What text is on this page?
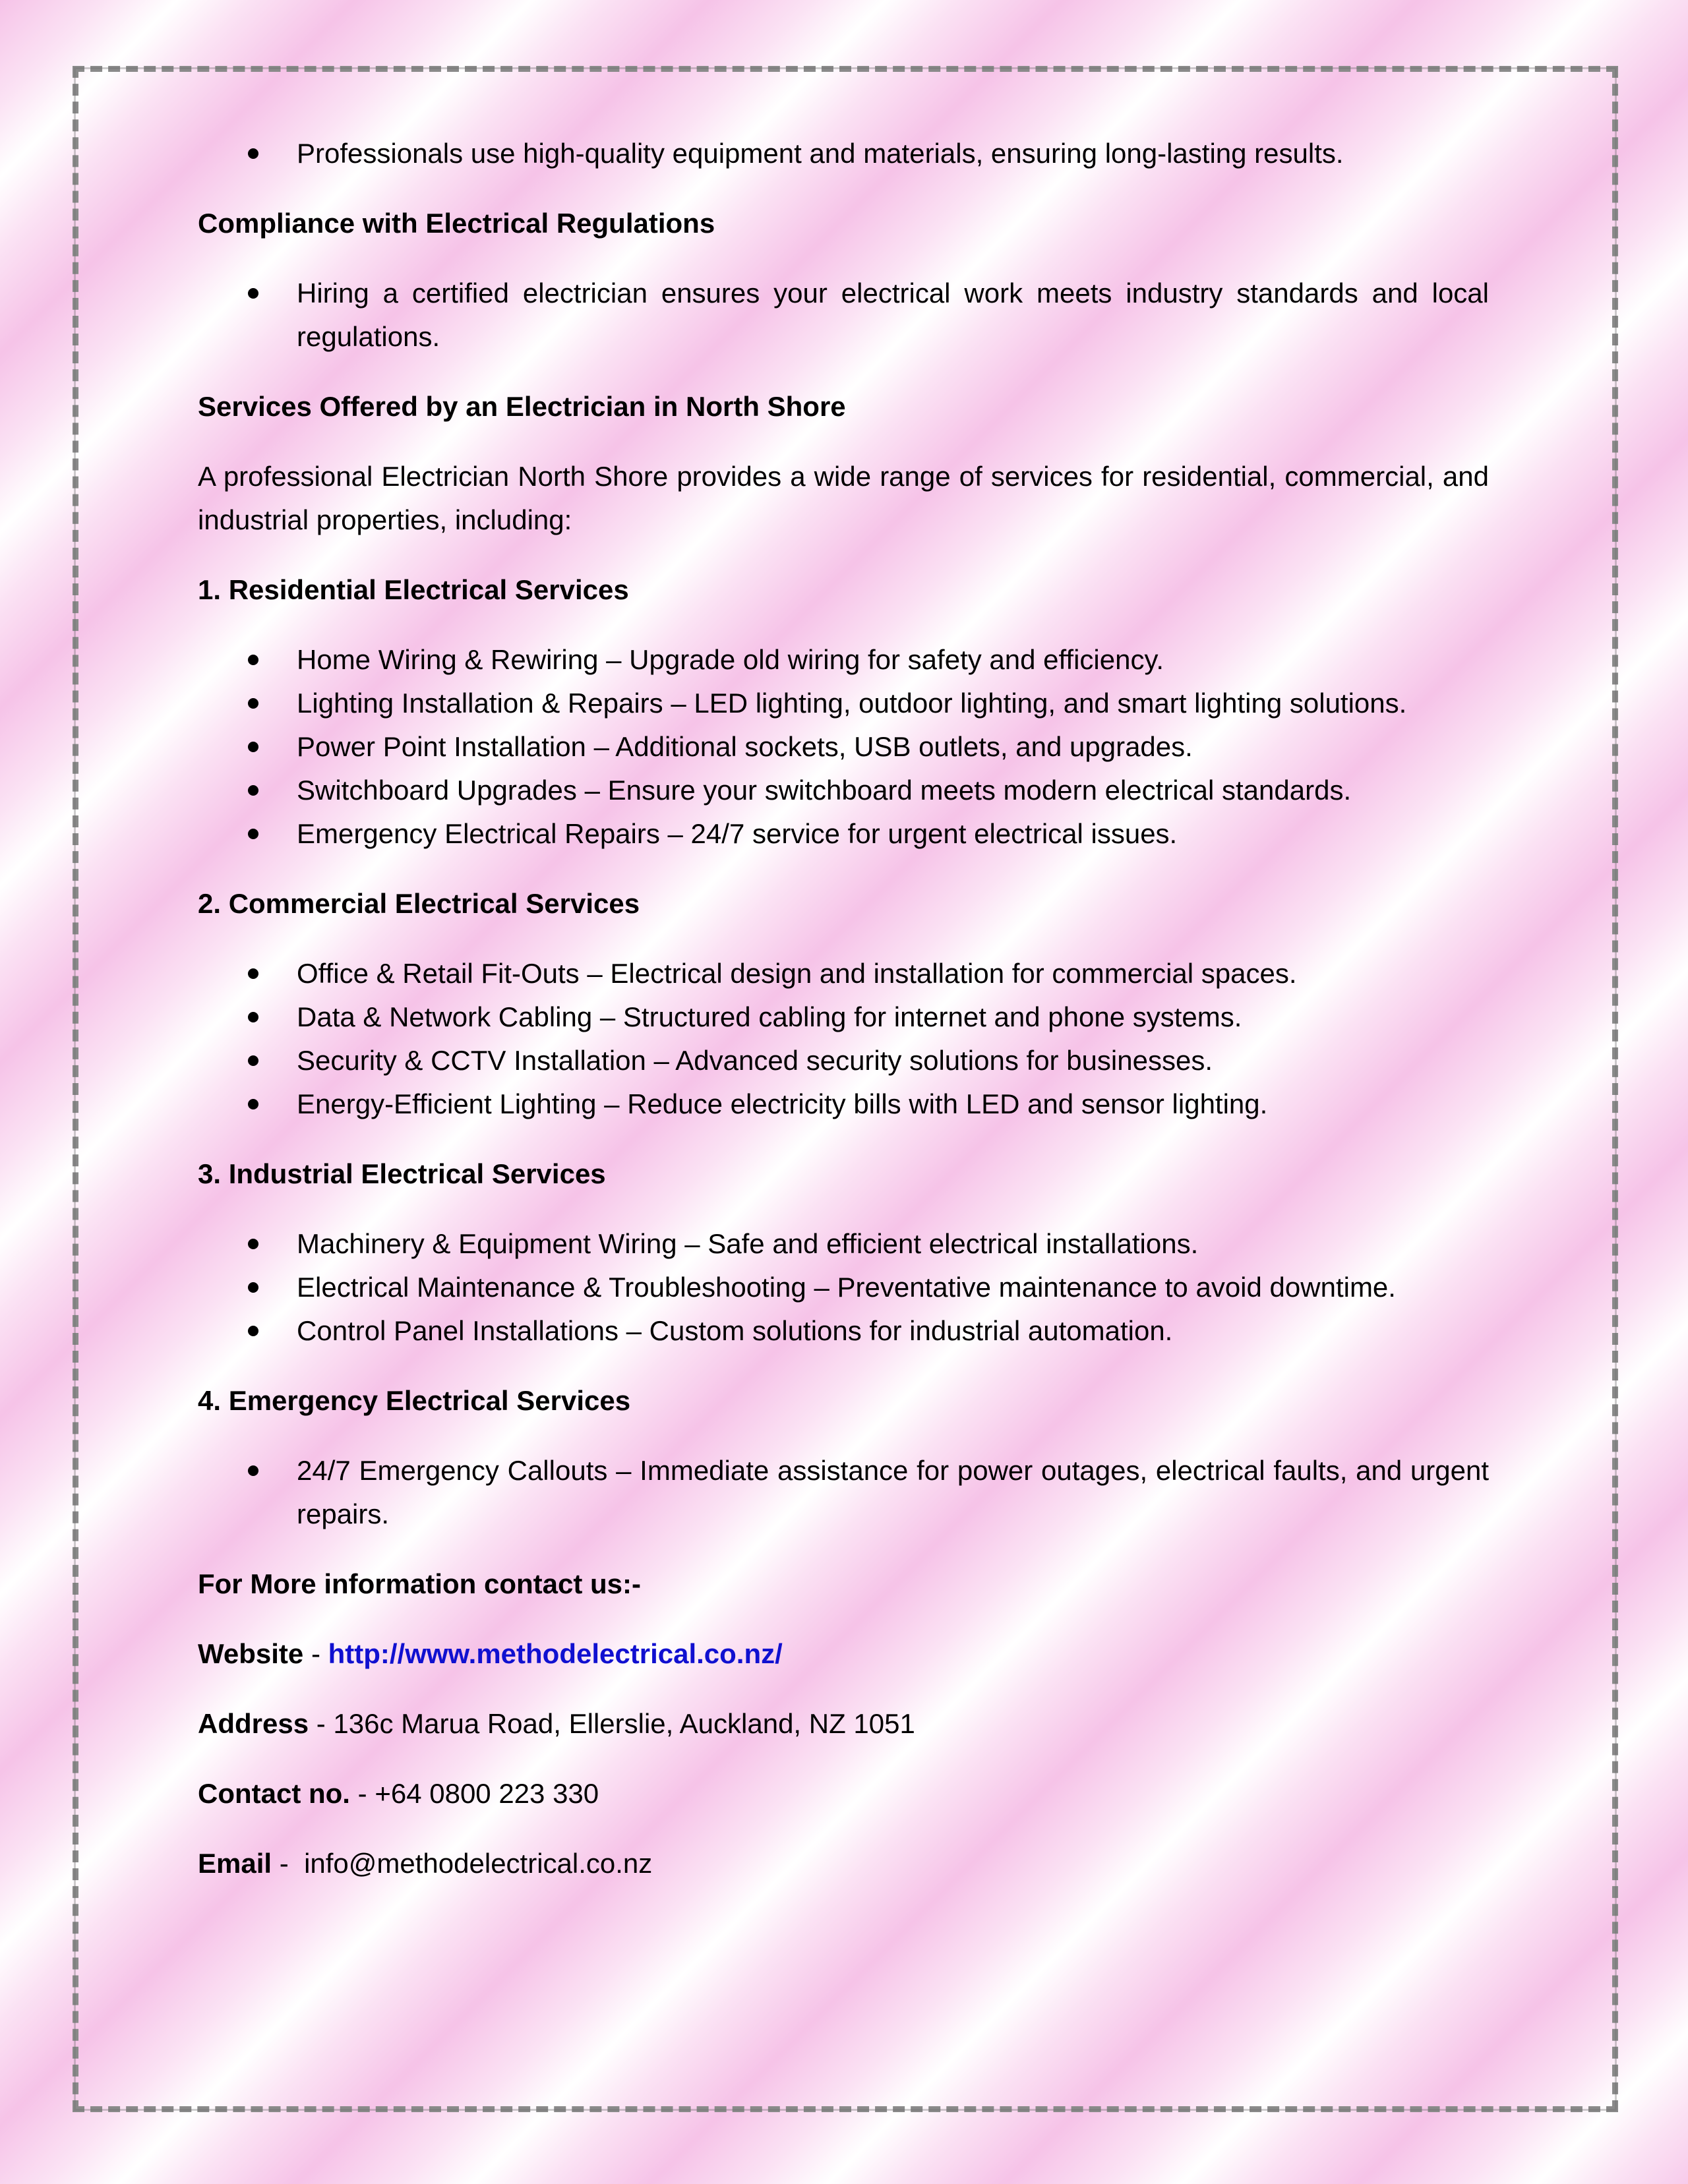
Professionals use high-quality equipment and materials, ensuring long-lasting results.
Compliance with Electrical Regulations
Hiring a certified electrician ensures your electrical work meets industry standards and local regulations.
Services Offered by an Electrician in North Shore

A professional Electrician North Shore provides a wide range of services for residential, commercial, and industrial properties, including:

1. Residential Electrical Services
Home Wiring & Rewiring – Upgrade old wiring for safety and efficiency.
Lighting Installation & Repairs – LED lighting, outdoor lighting, and smart lighting solutions.
Power Point Installation – Additional sockets, USB outlets, and upgrades.
Switchboard Upgrades – Ensure your switchboard meets modern electrical standards.
Emergency Electrical Repairs – 24/7 service for urgent electrical issues.
2. Commercial Electrical Services
Office & Retail Fit-Outs – Electrical design and installation for commercial spaces.
Data & Network Cabling – Structured cabling for internet and phone systems.
Security & CCTV Installation – Advanced security solutions for businesses.
Energy-Efficient Lighting – Reduce electricity bills with LED and sensor lighting.
3. Industrial Electrical Services
Machinery & Equipment Wiring – Safe and efficient electrical installations.
Electrical Maintenance & Troubleshooting – Preventative maintenance to avoid downtime.
Control Panel Installations – Custom solutions for industrial automation.
4. Emergency Electrical Services
24/7 Emergency Callouts – Immediate assistance for power outages, electrical faults, and urgent repairs.
For More information contact us:-
Website - http://www.methodelectrical.co.nz/
Address - 136c Marua Road, Ellerslie, Auckland, NZ 1051
Contact no. - +64 0800 223 330
Email -  info@methodelectrical.co.nz
